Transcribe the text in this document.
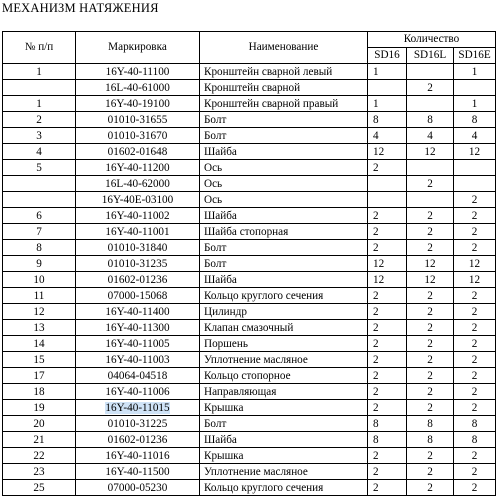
МЕХАНИЗМ НАТЯЖЕНИЯ
№ п/п	Маркировка	Наименование	Количество		
			SD16	SD16L	SD16E
1	16Y-40-11100	Кронштейн сварной левый	1		1
	16L-40-61000	Кронштейн сварной		2	
1	16Y-40-19100	Кронштейн сварной правый	1		1
2	01010-31655	Болт	8	8	8
3	01010-31670	Болт	4	4	4
4	01602-01648	Шайба	12	12	12
5	16Y-40-11200	Ось	2		
	16L-40-62000	Ось		2	
	16Y-40E-03100	Ось			2
6	16Y-40-11002	Шайба	2	2	2
7	16Y-40-11001	Шайба стопорная	2	2	2
8	01010-31840	Болт	2	2	2
9	01010-31235	Болт	12	12	12
10	01602-01236	Шайба	12	12	12
11	07000-15068	Кольцо круглого сечения	2	2	2
12	16Y-40-11400	Цилиндр	2	2	2
13	16Y-40-11300	Клапан смазочный	2	2	2
14	16Y-40-11005	Поршень	2	2	2
15	16Y-40-11003	Уплотнение масляное	2	2	2
17	04064-04518	Кольцо стопорное	2	2	2
18	16Y-40-11006	Направляющая	2	2	2
19	16Y-40-11015	Крышка	2	2	2
20	01010-31225	Болт	8	8	8
21	01602-01236	Шайба	8	8	8
22	16Y-40-11016	Крышка	2	2	2
23	16Y-40-11500	Уплотнение масляное	2	2	2
25	07000-05230	Кольцо круглого сечения	2	2	2
